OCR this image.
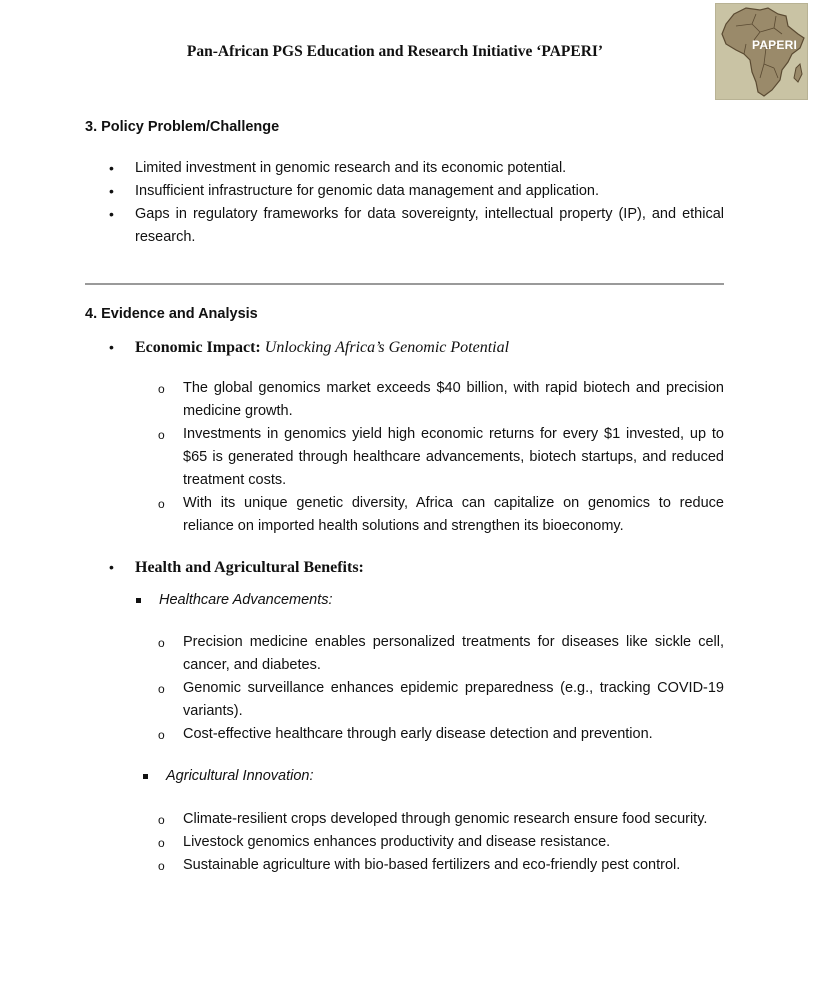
Pan-African PGS Education and Research Initiative ‘PAPERI’	PAPERI
3. Policy Problem/Challenge
• Limited investment in genomic research and its economic potential.
• Insufficient infrastructure for genomic data management and application.
• Gaps in regulatory frameworks for data sovereignty, intellectual property (IP), and ethical research.
4. Evidence and Analysis
• Economic Impact: Unlocking Africa’s Genomic Potential
o The global genomics market exceeds $40 billion, with rapid biotech and precision medicine growth.
o Investments in genomics yield high economic returns for every $1 invested, up to $65 is generated through healthcare advancements, biotech startups, and reduced treatment costs.
o With its unique genetic diversity, Africa can capitalize on genomics to reduce reliance on imported health solutions and strengthen its bioeconomy.
• Health and Agricultural Benefits:
Healthcare Advancements:
o Precision medicine enables personalized treatments for diseases like sickle cell, cancer, and diabetes.
o Genomic surveillance enhances epidemic preparedness (e.g., tracking COVID-19 variants).
o Cost-effective healthcare through early disease detection and prevention.
Agricultural Innovation:
o Climate-resilient crops developed through genomic research ensure food security.
o Livestock genomics enhances productivity and disease resistance.
o Sustainable agriculture with bio-based fertilizers and eco-friendly pest control.
